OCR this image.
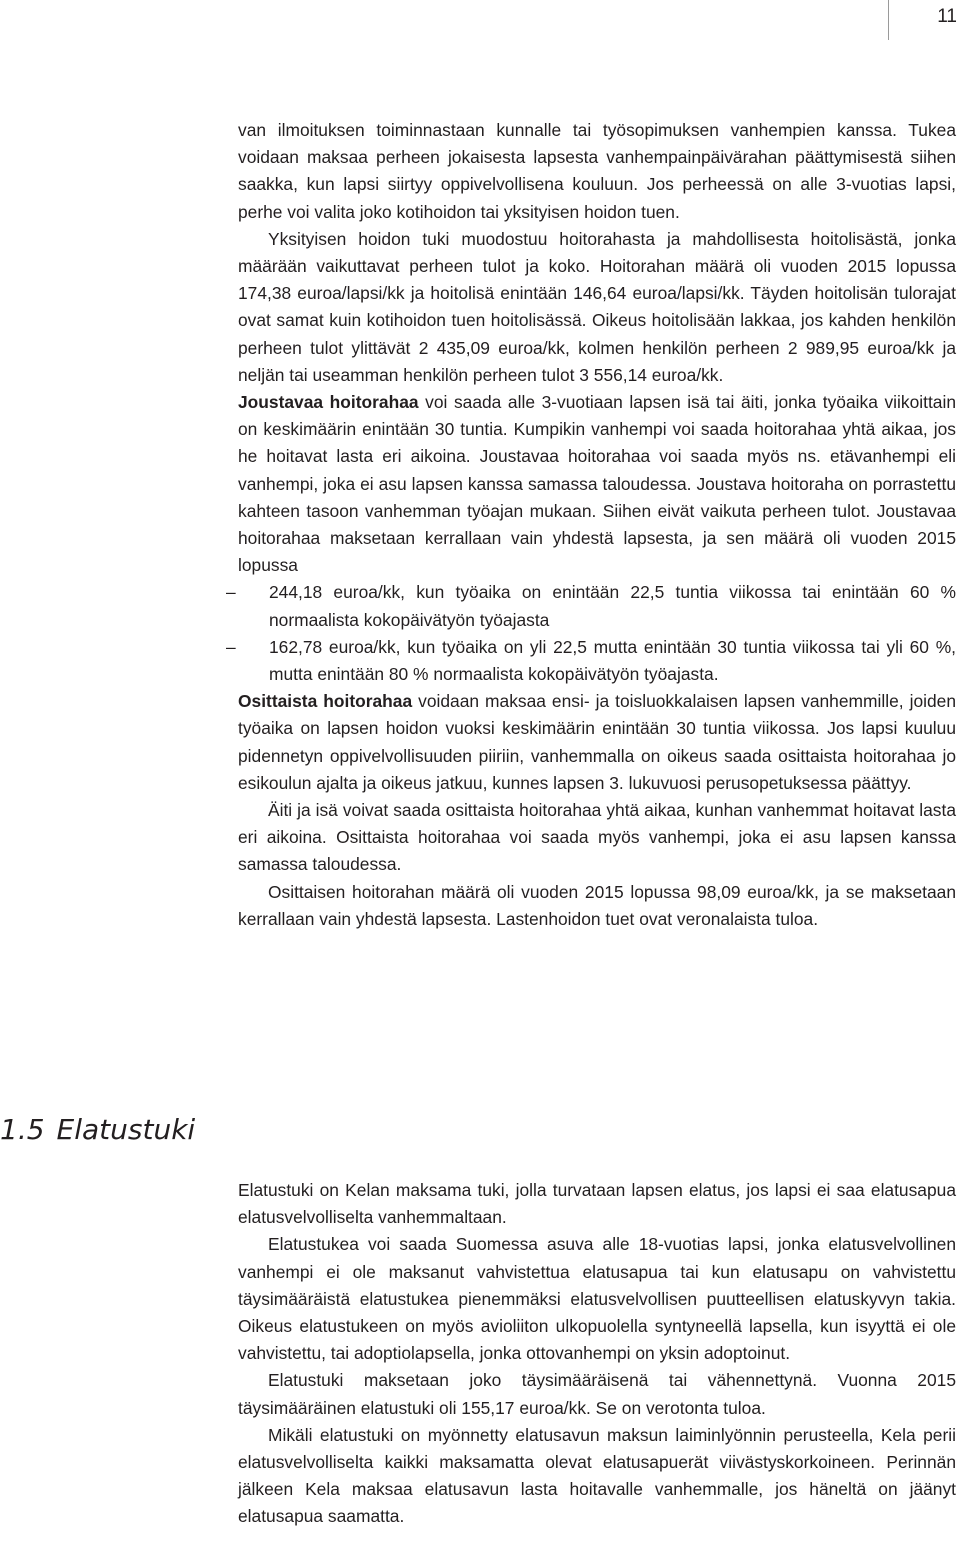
11

van ilmoituksen toiminnastaan kunnalle tai työsopimuksen vanhempien kanssa. Tukea voidaan maksaa perheen jokaisesta lapsesta vanhempainpäivärahan päättymisestä siihen saakka, kun lapsi siirtyy oppivelvollisena kouluun. Jos perheessä on alle 3-vuotias lapsi, perhe voi valita joko kotihoidon tai yksityisen hoidon tuen.

Yksityisen hoidon tuki muodostuu hoitorahasta ja mahdollisesta hoitolisästä, jonka määrään vaikuttavat perheen tulot ja koko. Hoitorahan määrä oli vuoden 2015 lopussa 174,38 euroa/lapsi/kk ja hoitolisä enintään 146,64 euroa/lapsi/kk. Täyden hoitolisän tulorajat ovat samat kuin kotihoidon tuen hoitolisässä. Oikeus hoitolisään lakkaa, jos kahden henkilön perheen tulot ylittävät 2 435,09 euroa/kk, kolmen henkilön perheen 2 989,95 euroa/kk ja neljän tai useamman henkilön perheen tulot 3 556,14 euroa/kk.

Joustavaa hoitorahaa voi saada alle 3-vuotiaan lapsen isä tai äiti, jonka työaika viikoittain on keskimäärin enintään 30 tuntia. Kumpikin vanhempi voi saada hoitorahaa yhtä aikaa, jos he hoitavat lasta eri aikoina. Joustavaa hoitorahaa voi saada myös ns. etävanhempi eli vanhempi, joka ei asu lapsen kanssa samassa taloudessa. Joustava hoitoraha on porrastettu kahteen tasoon vanhemman työajan mukaan. Siihen eivät vaikuta perheen tulot. Joustavaa hoitorahaa maksetaan kerrallaan vain yhdestä lapsesta, ja sen määrä oli vuoden 2015 lopussa

– 244,18 euroa/kk, kun työaika on enintään 22,5 tuntia viikossa tai enintään 60 % normaalista kokopäivätyön työajasta
– 162,78 euroa/kk, kun työaika on yli 22,5 mutta enintään 30 tuntia viikossa tai yli 60 %, mutta enintään 80 % normaalista kokopäivätyön työajasta.

Osittaista hoitorahaa voidaan maksaa ensi- ja toisluokkalaisen lapsen vanhemmille, joiden työaika on lapsen hoidon vuoksi keskimäärin enintään 30 tuntia viikossa. Jos lapsi kuuluu pidennetyn oppivelvollisuuden piiriin, vanhemmalla on oikeus saada osittaista hoitorahaa jo esikoulun ajalta ja oikeus jatkuu, kunnes lapsen 3. lukuvuosi perusopetuksessa päättyy.

Äiti ja isä voivat saada osittaista hoitorahaa yhtä aikaa, kunhan vanhemmat hoitavat lasta eri aikoina. Osittaista hoitorahaa voi saada myös vanhempi, joka ei asu lapsen kanssa samassa taloudessa.

Osittaisen hoitorahan määrä oli vuoden 2015 lopussa 98,09 euroa/kk, ja se maksetaan kerrallaan vain yhdestä lapsesta. Lastenhoidon tuet ovat veronalaista tuloa.

1.5 Elatustuki

Elatustuki on Kelan maksama tuki, jolla turvataan lapsen elatus, jos lapsi ei saa elatusapua elatusvelvolliselta vanhemmaltaan.

Elatustukea voi saada Suomessa asuva alle 18-vuotias lapsi, jonka elatusvelvollinen vanhempi ei ole maksanut vahvistettua elatusapua tai kun elatusapu on vahvistettu täysimääräistä elatustukea pienemmäksi elatusvelvollisen puutteellisen elatuskyvyn takia. Oikeus elatustukeen on myös avioliiton ulkopuolella syntyneellä lapsella, kun isyyttä ei ole vahvistettu, tai adoptiolapsella, jonka ottovanhempi on yksin adoptoinut.

Elatustuki maksetaan joko täysimääräisenä tai vähennettynä. Vuonna 2015 täysimääräinen elatustuki oli 155,17 euroa/kk. Se on verotonta tuloa.

Mikäli elatustuki on myönnetty elatusavun maksun laiminlyönnin perusteella, Kela perii elatusvelvolliselta kaikki maksamatta olevat elatusapuerät viivästyskorkoineen. Perinnän jälkeen Kela maksaa elatusavun lasta hoitavalle vanhemmalle, jos häneltä on jäänyt elatusapua saamatta.
